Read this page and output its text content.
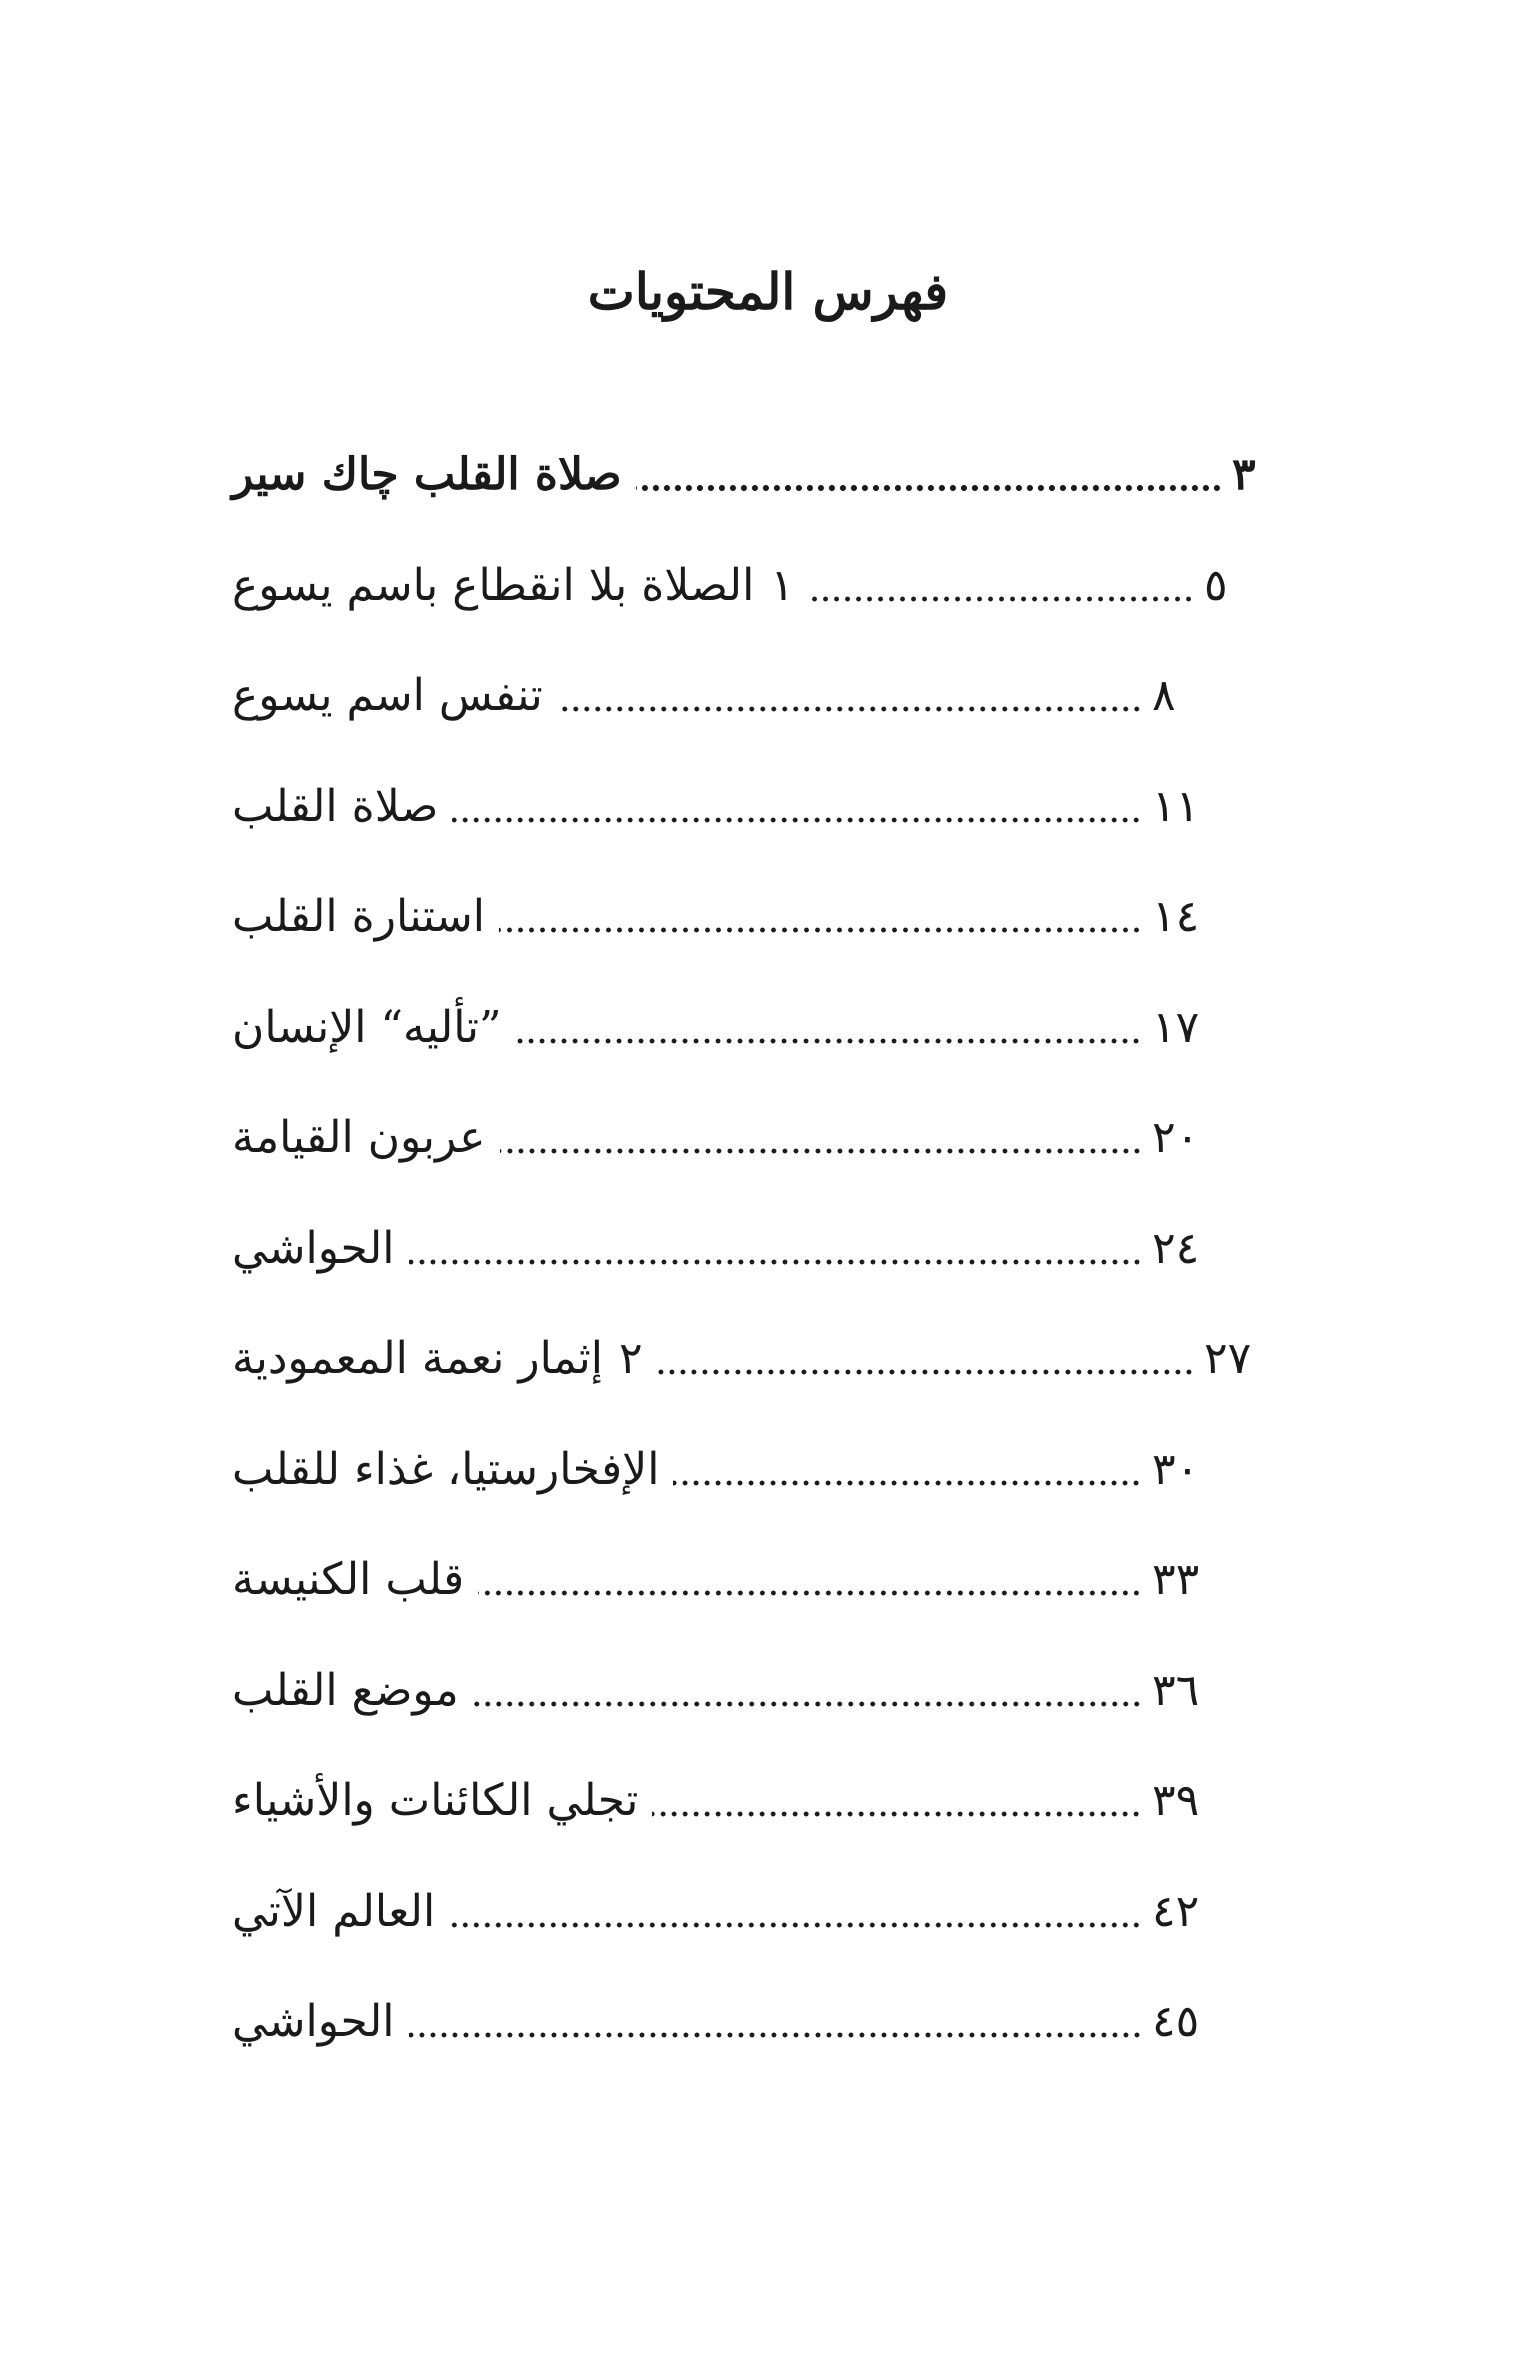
فهرس المحتويات
صلاة القلب چاك سير	٣
١الصلاة بلا انقطاع باسم يسوع	٥
تنفس اسم يسوع	٨
صلاة القلب	١١
استنارة القلب	١٤
”تأليه“ الإنسان	١٧
عربون القيامة	٢٠
الحواشي	٢٤
٢إثمار نعمة المعمودية	٢٧
الإفخارستيا، غذاء للقلب	٣٠
قلب الكنيسة	٣٣
موضع القلب	٣٦
تجلي الكائنات والأشياء	٣٩
العالم الآتي	٤٢
الحواشي	٤٥
